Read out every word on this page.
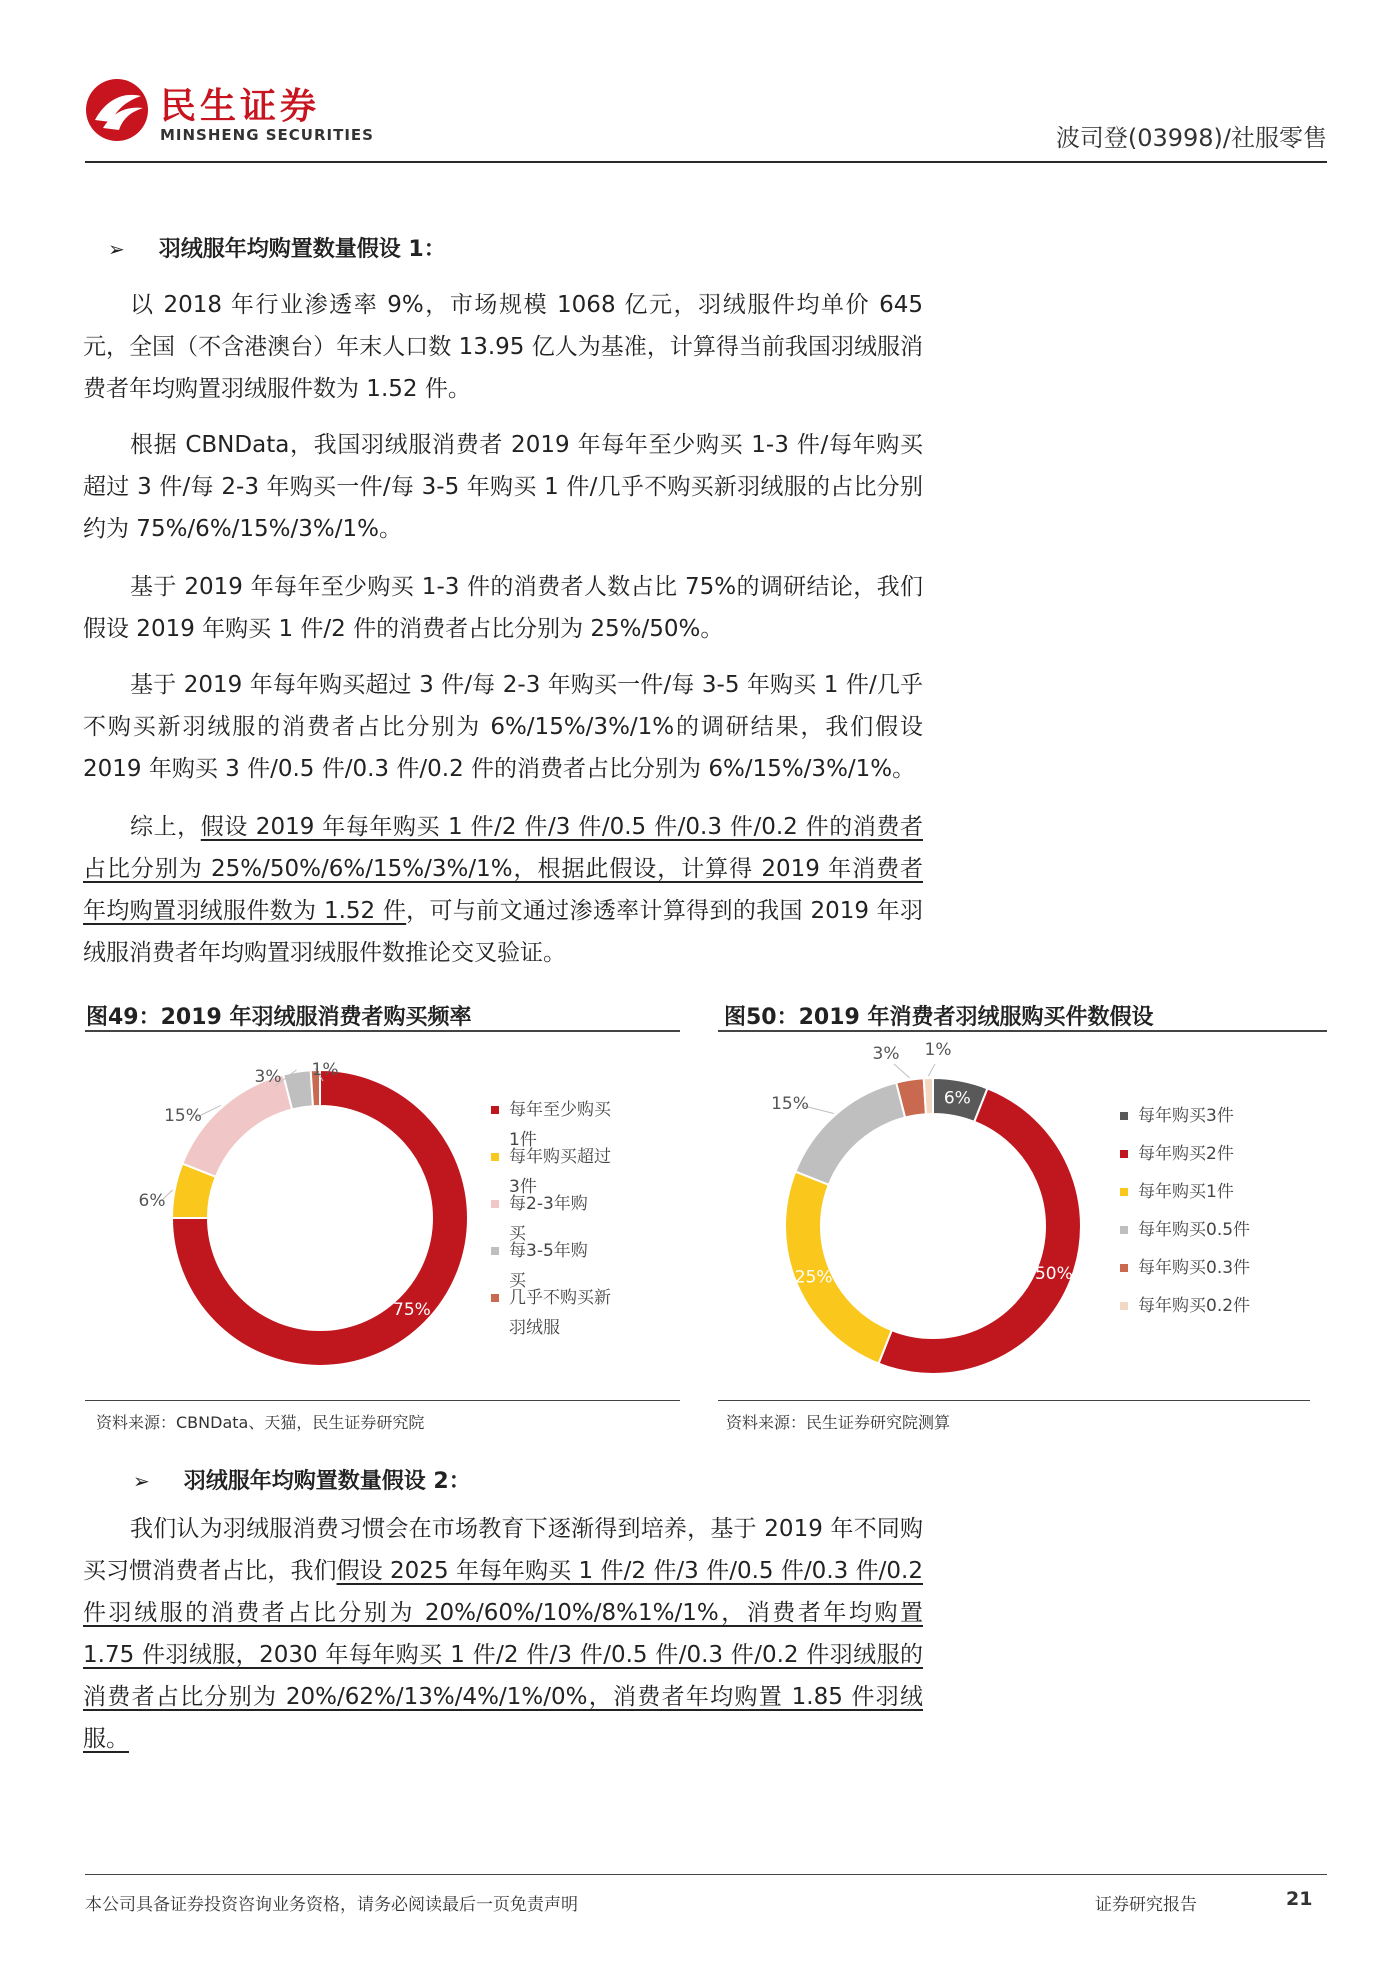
民生证券
MINSHENG SECURITIES	波司登(03998)/社服零售
➢ 羽绒服年均购置数量假设 1：

以 2018 年行业渗透率 9%，市场规模 1068 亿元，羽绒服件均单价 645 元，全国（不含港澳台）年末人口数 13.95 亿人为基准，计算得当前我国羽绒服消费者年均购置羽绒服件数为 1.52 件。

根据 CBNData，我国羽绒服消费者 2019 年每年至少购买 1-3 件/每年购买超过 3 件/每 2-3 年购买一件/每 3-5 年购买 1 件/几乎不购买新羽绒服的占比分别约为 75%/6%/15%/3%/1%。

基于 2019 年每年至少购买 1-3 件的消费者人数占比 75%的调研结论，我们假设 2019 年购买 1 件/2 件的消费者占比分别为 25%/50%。

基于 2019 年每年购买超过 3 件/每 2-3 年购买一件/每 3-5 年购买 1 件/几乎不购买新羽绒服的消费者占比分别为 6%/15%/3%/1%的调研结果，我们假设 2019 年购买 3 件/0.5 件/0.3 件/0.2 件的消费者占比分别为 6%/15%/3%/1%。

综上，假设 2019 年每年购买 1 件/2 件/3 件/0.5 件/0.3 件/0.2 件的消费者占比分别为 25%/50%/6%/15%/3%/1%，根据此假设，计算得 2019 年消费者年均购置羽绒服件数为 1.52 件，可与前文通过渗透率计算得到的我国 2019 年羽绒服消费者年均购置羽绒服件数推论交叉验证。

图49：2019 年羽绒服消费者购买频率
75%
6%
15%
3% 1%
每年至少购买
1件
每年购买超过
3件
每2-3年购
买
每3-5年购
买
几乎不购买新
羽绒服
资料来源：CBNData、天猫，民生证券研究院
图50：2019 年消费者羽绒服购买件数假设
6%
50%
25%
15%
3% 1%
每年购买3件
每年购买2件
每年购买1件
每年购买0.5件
每年购买0.3件
每年购买0.2件
资料来源：民生证券研究院测算
➢ 羽绒服年均购置数量假设 2：

我们认为羽绒服消费习惯会在市场教育下逐渐得到培养，基于 2019 年不同购买习惯消费者占比，我们假设 2025 年每年购买 1 件/2 件/3 件/0.5 件/0.3 件/0.2 件羽绒服的消费者占比分别为 20%/60%/10%/8%1%/1%，消费者年均购置 1.75 件羽绒服，2030 年每年购买 1 件/2 件/3 件/0.5 件/0.3 件/0.2 件羽绒服的消费者占比分别为 20%/62%/13%/4%/1%/0%，消费者年均购置 1.85 件羽绒服。

本公司具备证券投资咨询业务资格，请务必阅读最后一页免责声明	证券研究报告	21
